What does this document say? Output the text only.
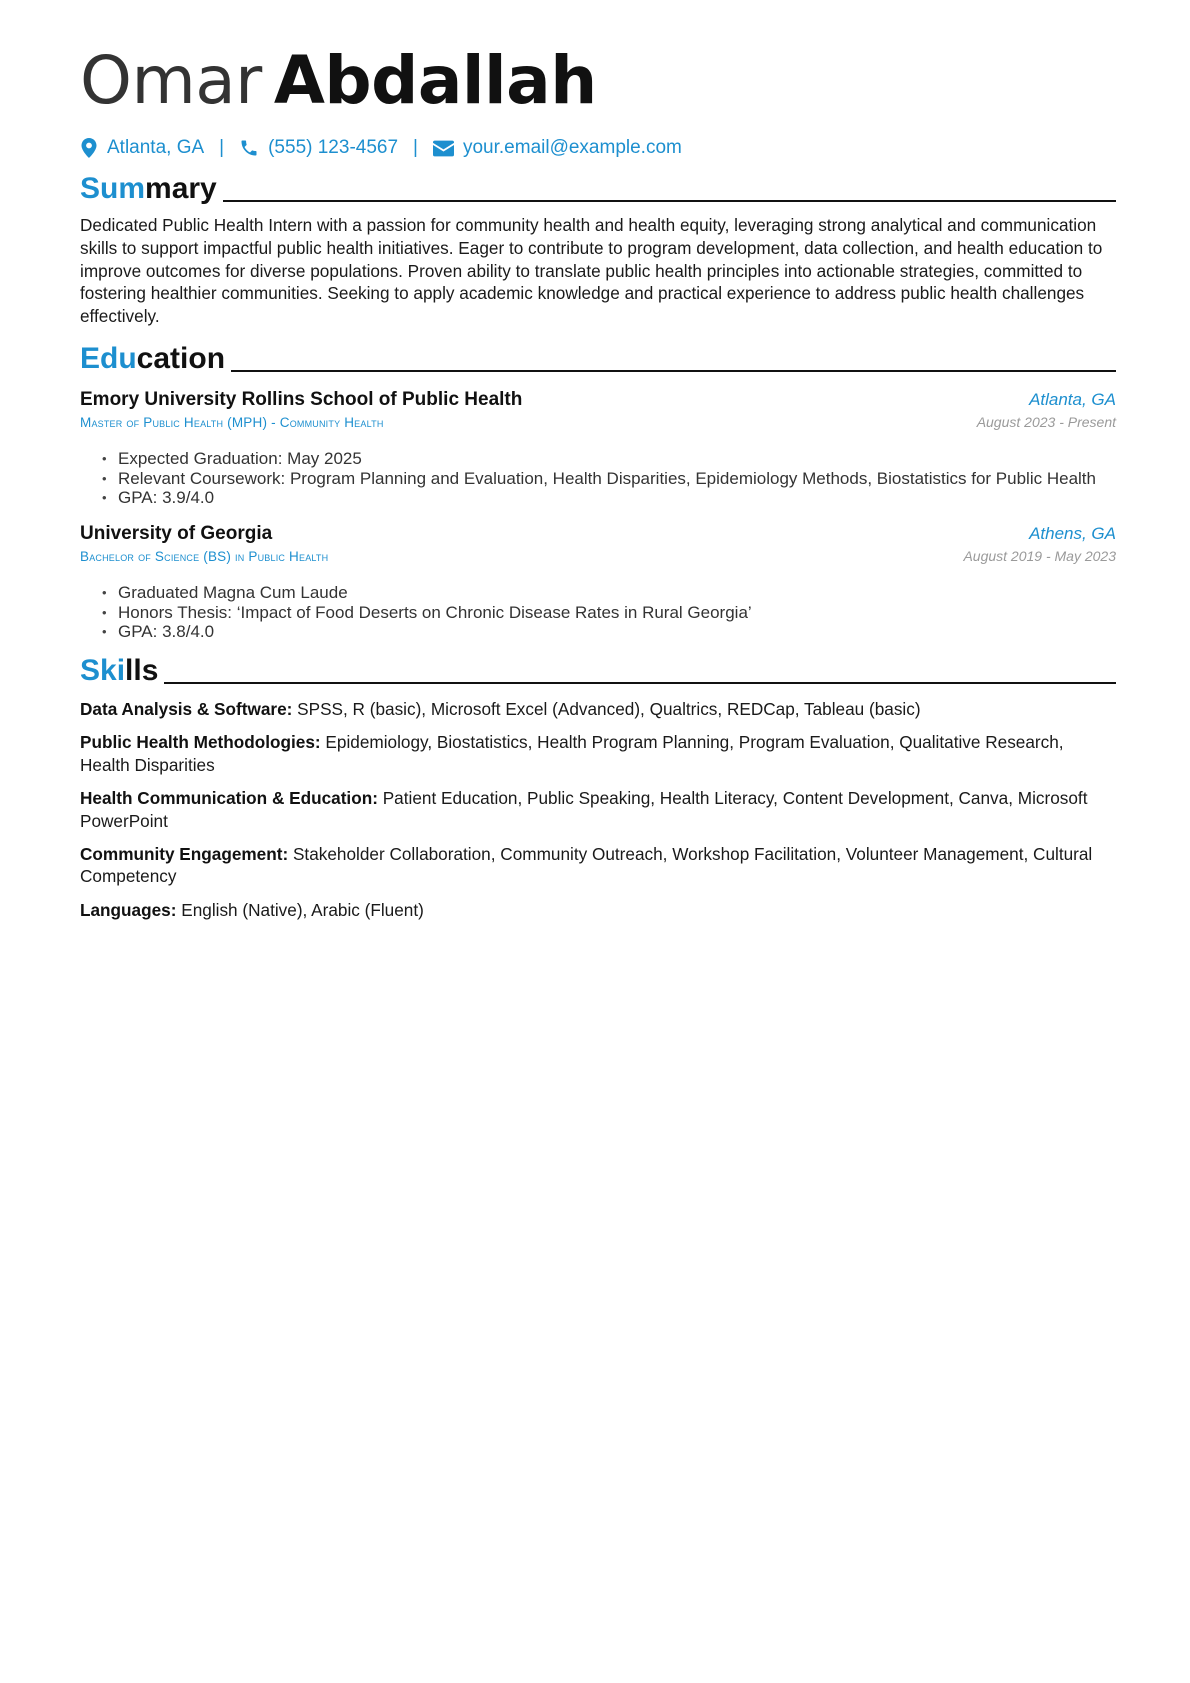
Omar Abdallah
Atlanta, GA | (555) 123-4567 | your.email@example.com
Summary

Dedicated Public Health Intern with a passion for community health and health equity, leveraging strong analytical and communication skills to support impactful public health initiatives. Eager to contribute to program development, data collection, and health education to improve outcomes for diverse populations. Proven ability to translate public health principles into actionable strategies, committed to fostering healthier communities. Seeking to apply academic knowledge and practical experience to address public health challenges effectively.

Education
Emory University Rollins School of Public Health	Atlanta, GA
Master of Public Health (MPH) - Community Health	August 2023 - Present
• Expected Graduation: May 2025
• Relevant Coursework: Program Planning and Evaluation, Health Disparities, Epidemiology Methods, Biostatistics for Public Health
• GPA: 3.9/4.0
University of Georgia	Athens, GA
Bachelor of Science (BS) in Public Health	August 2019 - May 2023
• Graduated Magna Cum Laude
• Honors Thesis: ‘Impact of Food Deserts on Chronic Disease Rates in Rural Georgia’
• GPA: 3.8/4.0
Skills

Data Analysis & Software: SPSS, R (basic), Microsoft Excel (Advanced), Qualtrics, REDCap, Tableau (basic)

Public Health Methodologies: Epidemiology, Biostatistics, Health Program Planning, Program Evaluation, Qualitative Research, Health Disparities

Health Communication & Education: Patient Education, Public Speaking, Health Literacy, Content Development, Canva, Microsoft PowerPoint

Community Engagement: Stakeholder Collaboration, Community Outreach, Workshop Facilitation, Volunteer Management, Cultural Competency

Languages: English (Native), Arabic (Fluent)
